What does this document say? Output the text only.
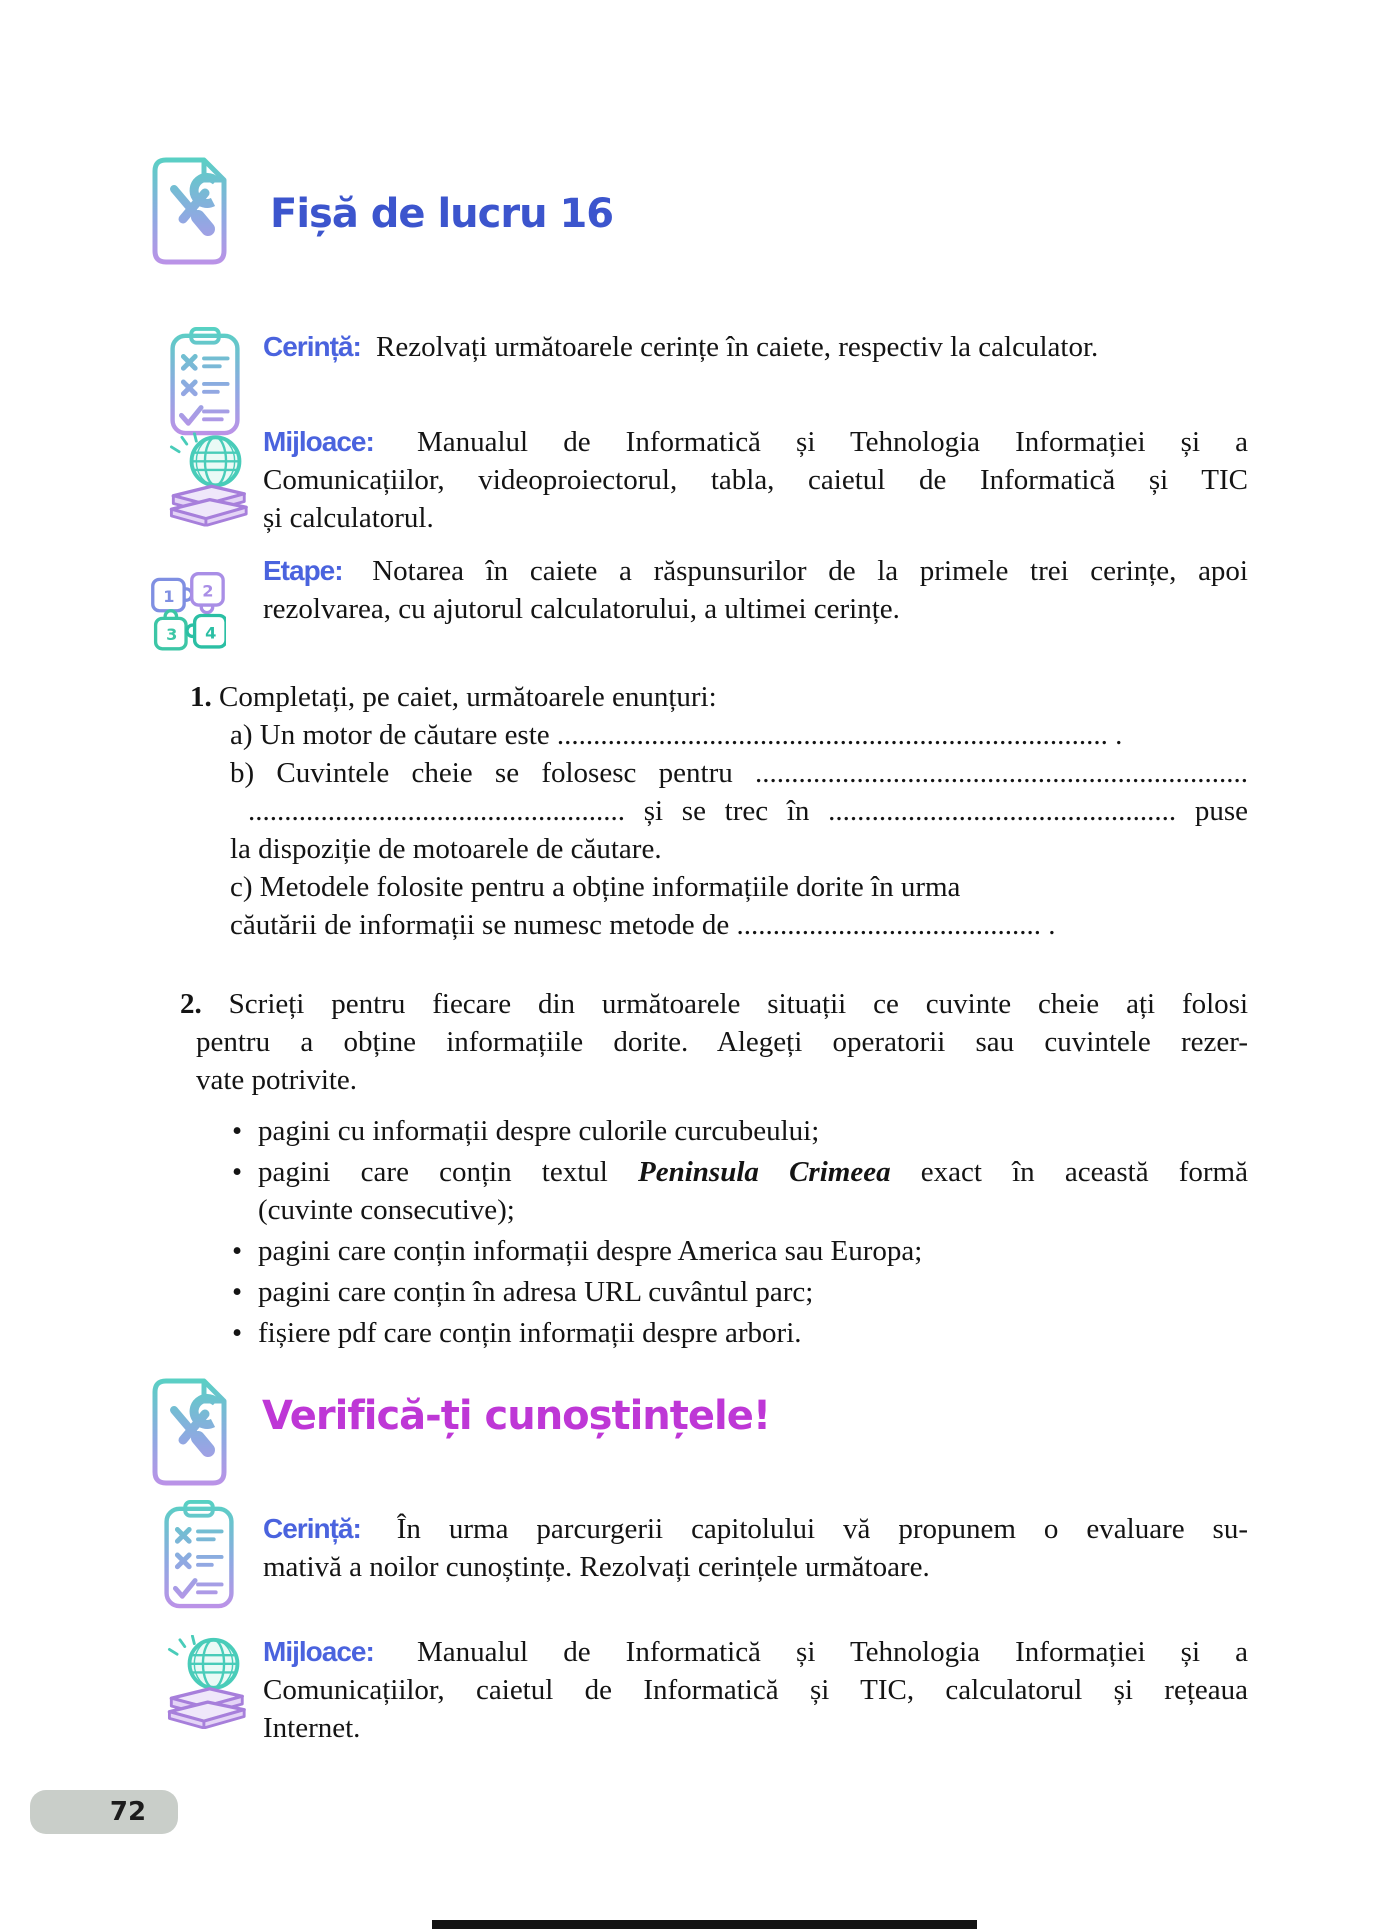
Fișă de lucru 16
Cerință: Rezolvați următoarele cerințe în caiete, respectiv la calculator.
Mijloace: Manualul de Informatică și Tehnologia Informației și a
Comunicațiilor, videoproiectorul, tabla, caietul de Informatică și TIC
și calculatorul.
Etape: Notarea în caiete a răspunsurilor de la primele trei cerințe, apoi
rezolvarea, cu ajutorul calculatorului, a ultimei cerințe.
1. Completați, pe caiet, următoarele enunțuri:
a) Un motor de căutare este ............................................................................ .
b) Cuvintele cheie se folosesc pentru ....................................................................
.................................................... și se trec în ................................................ puse
la dispoziție de motoarele de căutare.
c) Metodele folosite pentru a obține informațiile dorite în urma
căutării de informații se numesc metode de .......................................... .
2. Scrieți pentru fiecare din următoarele situații ce cuvinte cheie ați folosi
pentru a obține informațiile dorite. Alegeți operatorii sau cuvintele rezer-
vate potrivite.
• pagini cu informații despre culorile curcubeului;
• pagini care conțin textul Peninsula Crimeea exact în această formă
(cuvinte consecutive);
• pagini care conțin informații despre America sau Europa;
• pagini care conțin în adresa URL cuvântul parc;
• fișiere pdf care conțin informații despre arbori.
Verifică-ți cunoștințele!
Cerință: În urma parcurgerii capitolului vă propunem o evaluare su-
mativă a noilor cunoștințe. Rezolvați cerințele următoare.
Mijloace: Manualul de Informatică și Tehnologia Informației și a
Comunicațiilor, caietul de Informatică și TIC, calculatorul și rețeaua
Internet.
72
